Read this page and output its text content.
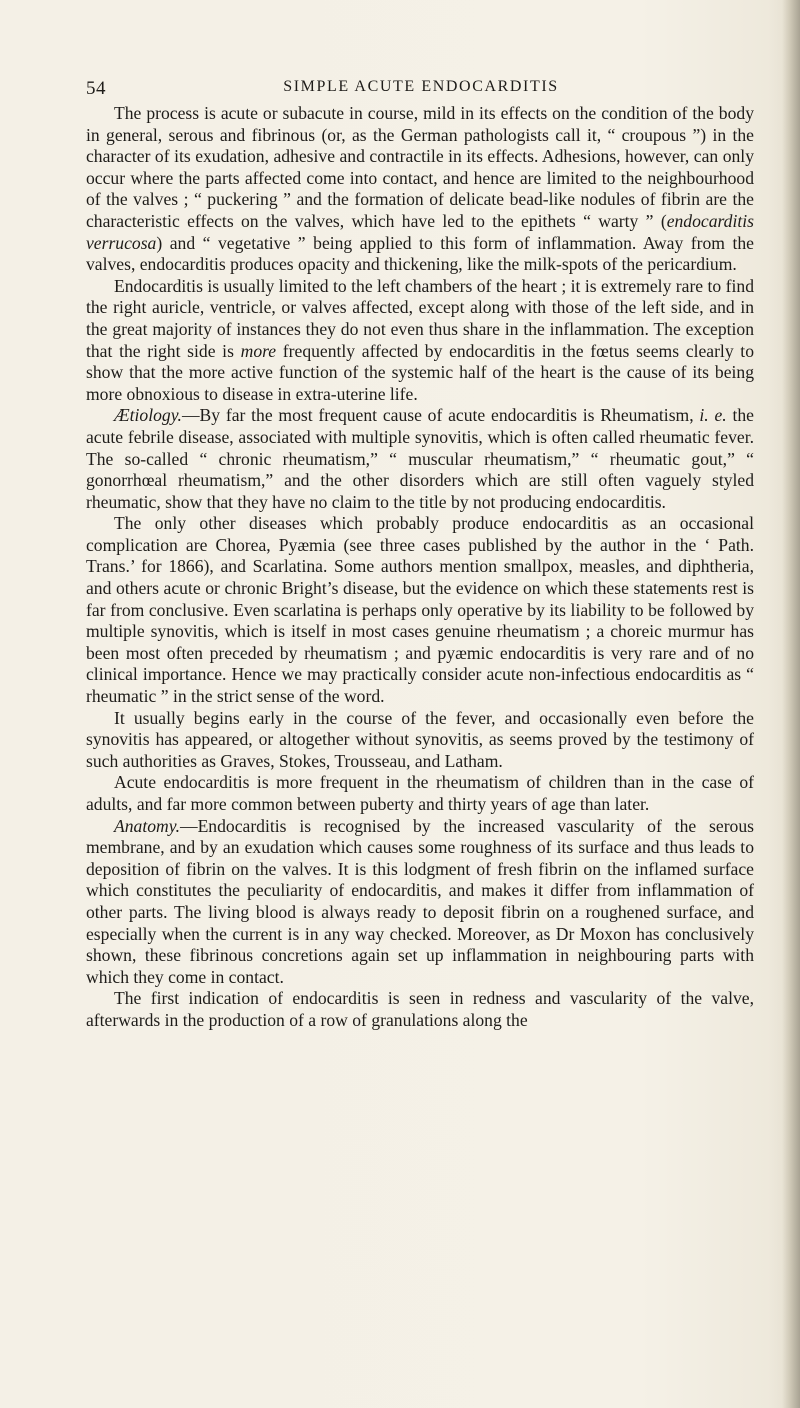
54	SIMPLE ACUTE ENDOCARDITIS

The process is acute or subacute in course, mild in its effects on the condition of the body in general, serous and fibrinous (or, as the German pathologists call it, “ croupous ”) in the character of its exudation, adhesive and contractile in its effects. Adhesions, however, can only occur where the parts affected come into contact, and hence are limited to the neighbourhood of the valves ; “ puckering ” and the formation of delicate bead-like nodules of fibrin are the characteristic effects on the valves, which have led to the epithets “ warty ” (endocarditis verrucosa) and “ vegetative ” being applied to this form of inflammation. Away from the valves, endocarditis produces opacity and thickening, like the milk-spots of the pericardium.

Endocarditis is usually limited to the left chambers of the heart ; it is extremely rare to find the right auricle, ventricle, or valves affected, except along with those of the left side, and in the great majority of instances they do not even thus share in the inflammation. The exception that the right side is more frequently affected by endocarditis in the fœtus seems clearly to show that the more active function of the systemic half of the heart is the cause of its being more obnoxious to disease in extra-uterine life.

Ætiology.—By far the most frequent cause of acute endocarditis is Rheumatism, i. e. the acute febrile disease, associated with multiple synovitis, which is often called rheumatic fever. The so-called “ chronic rheumatism,” “ muscular rheumatism,” “ rheumatic gout,” “ gonorrhœal rheumatism,” and the other disorders which are still often vaguely styled rheumatic, show that they have no claim to the title by not producing endocarditis.

The only other diseases which probably produce endocarditis as an occasional complication are Chorea, Pyæmia (see three cases published by the author in the ‘ Path. Trans.’ for 1866), and Scarlatina. Some authors mention smallpox, measles, and diphtheria, and others acute or chronic Bright’s disease, but the evidence on which these statements rest is far from conclusive. Even scarlatina is perhaps only operative by its liability to be followed by multiple synovitis, which is itself in most cases genuine rheumatism ; a choreic murmur has been most often preceded by rheumatism ; and pyæmic endocarditis is very rare and of no clinical importance. Hence we may practically consider acute non-infectious endocarditis as “ rheumatic ” in the strict sense of the word.

It usually begins early in the course of the fever, and occasionally even before the synovitis has appeared, or altogether without synovitis, as seems proved by the testimony of such authorities as Graves, Stokes, Trousseau, and Latham.

Acute endocarditis is more frequent in the rheumatism of children than in the case of adults, and far more common between puberty and thirty years of age than later.

Anatomy.—Endocarditis is recognised by the increased vascularity of the serous membrane, and by an exudation which causes some roughness of its surface and thus leads to deposition of fibrin on the valves. It is this lodgment of fresh fibrin on the inflamed surface which constitutes the peculiarity of endocarditis, and makes it differ from inflammation of other parts. The living blood is always ready to deposit fibrin on a roughened surface, and especially when the current is in any way checked. Moreover, as Dr Moxon has conclusively shown, these fibrinous concretions again set up inflammation in neighbouring parts with which they come in contact.

The first indication of endocarditis is seen in redness and vascularity of the valve, afterwards in the production of a row of granulations along the
